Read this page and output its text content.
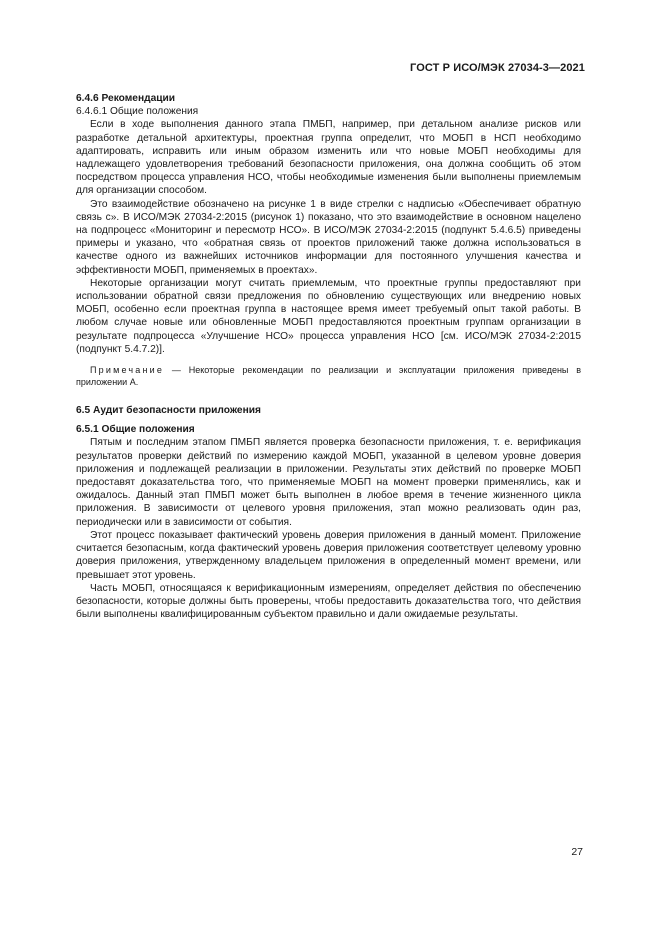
ГОСТ Р ИСО/МЭК 27034-3—2021

6.4.6 Рекомендации

6.4.6.1 Общие положения

Если в ходе выполнения данного этапа ПМБП, например, при детальном анализе рисков или разработке детальной архитектуры, проектная группа определит, что МОБП в НСП необходимо адаптировать, исправить или иным образом изменить или что новые МОБП необходимы для надлежащего удовлетворения требований безопасности приложения, она должна сообщить об этом посредством процесса управления НСО, чтобы необходимые изменения были выполнены приемлемым для организации способом.

Это взаимодействие обозначено на рисунке 1 в виде стрелки с надписью «Обеспечивает обратную связь с». В ИСО/МЭК 27034-2:2015 (рисунок 1) показано, что это взаимодействие в основном нацелено на подпроцесс «Мониторинг и пересмотр НСО». В ИСО/МЭК 27034-2:2015 (подпункт 5.4.6.5) приведены примеры и указано, что «обратная связь от проектов приложений также должна использоваться в качестве одного из важнейших источников информации для постоянного улучшения качества и эффективности МОБП, применяемых в проектах».

Некоторые организации могут считать приемлемым, что проектные группы предоставляют при использовании обратной связи предложения по обновлению существующих или внедрению новых МОБП, особенно если проектная группа в настоящее время имеет требуемый опыт такой работы. В любом случае новые или обновленные МОБП предоставляются проектным группам организации в результате подпроцесса «Улучшение НСО» процесса управления НСО [см. ИСО/МЭК 27034-2:2015 (подпункт 5.4.7.2)].

Примечание — Некоторые рекомендации по реализации и эксплуатации приложения приведены в приложении А.

6.5 Аудит безопасности приложения

6.5.1 Общие положения

Пятым и последним этапом ПМБП является проверка безопасности приложения, т. е. верификация результатов проверки действий по измерению каждой МОБП, указанной в целевом уровне доверия приложения и подлежащей реализации в приложении. Результаты этих действий по проверке МОБП предоставят доказательства того, что применяемые МОБП на момент проверки применялись, как и ожидалось. Данный этап ПМБП может быть выполнен в любое время в течение жизненного цикла приложения. В зависимости от целевого уровня приложения, этап можно реализовать один раз, периодически или в зависимости от события.

Этот процесс показывает фактический уровень доверия приложения в данный момент. Приложение считается безопасным, когда фактический уровень доверия приложения соответствует целевому уровню доверия приложения, утвержденному владельцем приложения в определенный момент времени, или превышает этот уровень.

Часть МОБП, относящаяся к верификационным измерениям, определяет действия по обеспечению безопасности, которые должны быть проверены, чтобы предоставить доказательства того, что действия были выполнены квалифицированным субъектом правильно и дали ожидаемые результаты.

27
